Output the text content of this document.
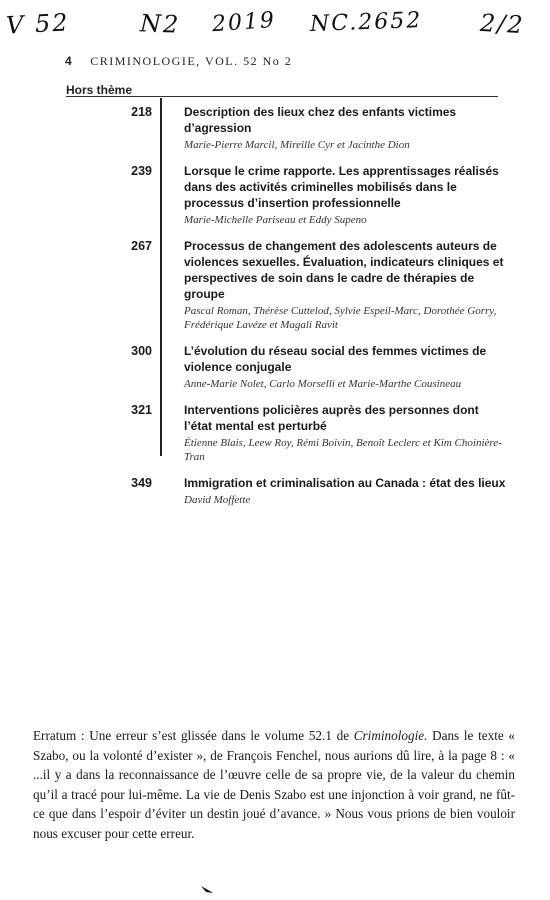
V 52	N2 2019 NC.2652 2/2
4 CRIMINOLOGIE, VOL. 52 No 2
Hors thème
218	Description des lieux chez des enfants victimes d’agression
Marie-Pierre Marcil, Mireille Cyr et Jacinthe Dion
239	Lorsque le crime rapporte. Les apprentissages réalisés dans des activités criminelles mobilisés dans le processus d’insertion professionnelle
Marie-Michelle Pariseau et Eddy Supeno
267	Processus de changement des adolescents auteurs de violences sexuelles. Évaluation, indicateurs cliniques et perspectives de soin dans le cadre de thérapies de groupe
Pascal Roman, Thérèse Cuttelod, Sylvie Espeil-Marc, Dorothée Gorry, Frédérique Lavéze et Magali Ravit
300	L’évolution du réseau social des femmes victimes de violence conjugale
Anne-Marie Nolet, Carlo Morselli et Marie-Marthe Cousineau
321	Interventions policières auprès des personnes dont l’état mental est perturbé
Étienne Blais, Leew Roy, Rémi Boivin, Benoît Leclerc et Kim Choinière-Tran
349	Immigration et criminalisation au Canada : état des lieux
David Moffette
Erratum : Une erreur s’est glissée dans le volume 52.1 de Criminologie. Dans le texte « Szabo, ou la volonté d’exister », de François Fenchel, nous aurions dû lire, à la page 8 : « ...il y a dans la reconnaissance de l’œuvre celle de sa propre vie, de la valeur du chemin qu’il a tracé pour lui-même. La vie de Denis Szabo est une injonction à voir grand, ne fût-ce que dans l’espoir d’éviter un destin joué d’avance. » Nous vous prions de bien vouloir nous excuser pour cette erreur.
